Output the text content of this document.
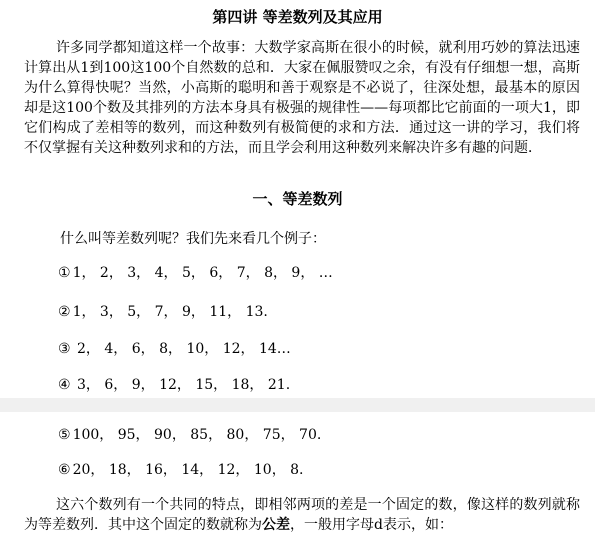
第四讲 等差数列及其应用

许多同学都知道这样一个故事：大数学家高斯在很小的时候，就利用巧妙的算法迅速计算出从1到100这100个自然数的总和．大家在佩服赞叹之余，有没有仔细想一想，高斯为什么算得快呢？当然，小高斯的聪明和善于观察是不必说了，往深处想，最基本的原因却是这100个数及其排列的方法本身具有极强的规律性——每项都比它前面的一项大1，即它们构成了差相等的数列，而这种数列有极简便的求和方法．通过这一讲的学习，我们将不仅掌握有关这种数列求和的方法，而且学会利用这种数列来解决许多有趣的问题．

一、等差数列
什么叫等差数列呢？我们先来看几个例子：
① 1， 2， 3， 4， 5， 6， 7， 8， 9， …
② 1， 3， 5， 7， 9， 11， 13.
③ 2， 4， 6， 8， 10， 12， 14…
④ 3， 6， 9， 12， 15， 18， 21.
⑤ 100， 95， 90， 85， 80， 75， 70.
⑥ 20， 18， 16， 14， 12， 10， 8.

这六个数列有一个共同的特点，即相邻两项的差是一个固定的数，像这样的数列就称为等差数列．其中这个固定的数就称为公差，一般用字母d表示，如：
